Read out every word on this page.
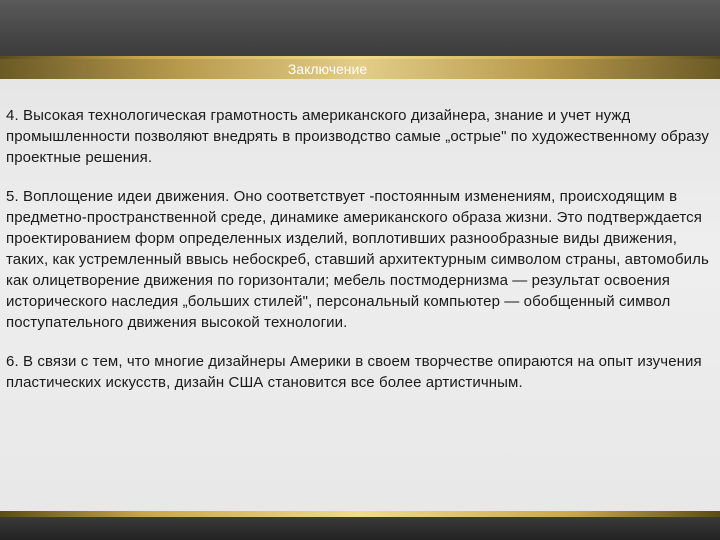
Заключение

4. Высокая технологическая грамотность американского дизайнера, знание и учет нужд промышленности позволяют внедрять в производство самые „острые" по художественному образу проектные решения.

5. Воплощение идеи движения. Оно соответствует ‑постоянным изменениям, происходящим в предметно‑пространственной среде, динамике американского образа жизни. Это подтверждается проектированием форм определенных изделий, воплотивших разнообразные виды движения, таких, как устремленный ввысь небоскреб, ставший архитектурным символом страны, автомобиль как олицетворение движения по горизонтали; мебель постмодернизма — результат освоения исторического наследия „больших стилей", персональный компьютер — обобщенный символ поступательного движения высокой технологии.

6. В связи с тем, что многие дизайнеры Америки в своем творчестве опираются на опыт изучения пластических искусств, дизайн США становится все более артистичным.
